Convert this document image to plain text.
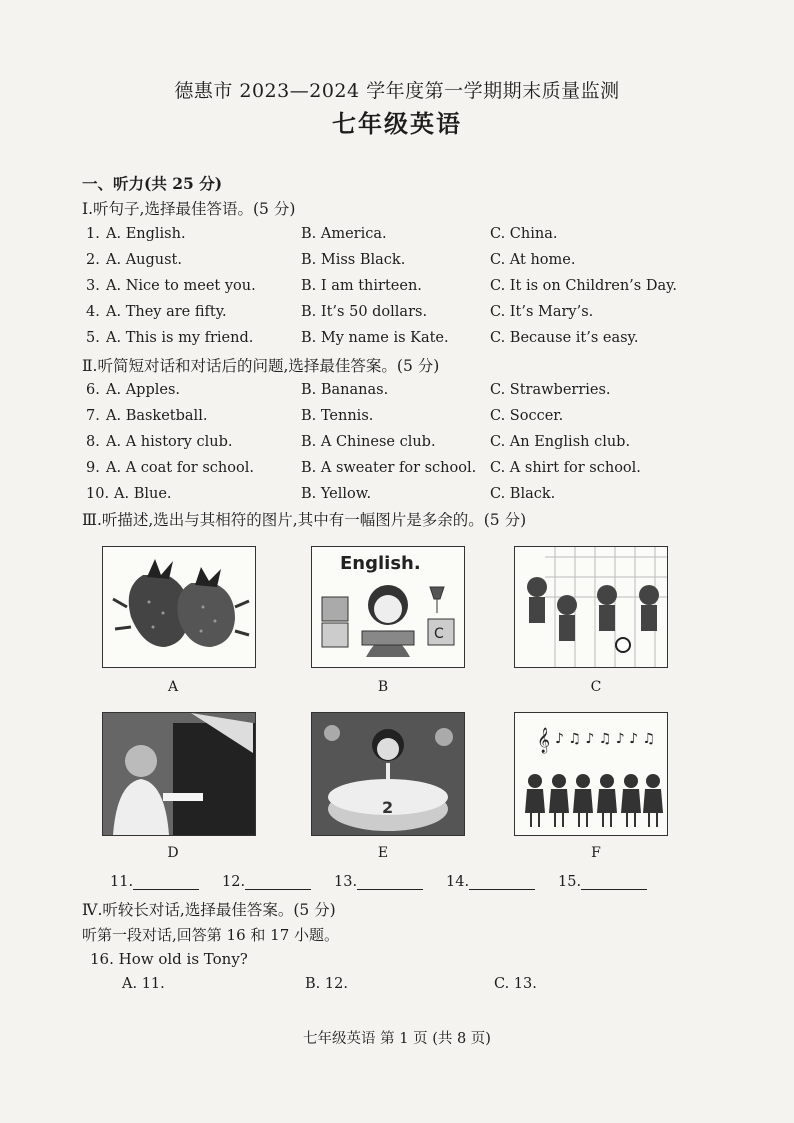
德惠市 2023—2024 学年度第一学期期末质量监测
七年级英语
一、听力(共 25 分)
Ⅰ.听句子,选择最佳答语。(5 分)
1. A. English.	B. America.	C. China.
2. A. August.	B. Miss Black.	C. At home.
3. A. Nice to meet you.	B. I am thirteen.	C. It is on Children’s Day.
4. A. They are fifty.	B. It’s 50 dollars.	C. It’s Mary’s.
5. A. This is my friend.	B. My name is Kate.	C. Because it’s easy.
Ⅱ.听简短对话和对话后的问题,选择最佳答案。(5 分)
6. A. Apples.	B. Bananas.	C. Strawberries.
7. A. Basketball.	B. Tennis.	C. Soccer.
8. A. A history club.	B. A Chinese club.	C. An English club.
9. A. A coat for school.	B. A sweater for school. C. A shirt for school.
10. A. Blue.	B. Yellow.	C. Black.
Ⅲ.听描述,选出与其相符的图片,其中有一幅图片是多余的。(5 分)
English.
C
A	B	C
2
𝄞 ♪ ♫ ♪ ♫ ♪ ♪ ♫
D	E	F
11.	12.	13.	14.	15.
Ⅳ.听较长对话,选择最佳答案。(5 分)
听第一段对话,回答第 16 和 17 小题。
16. How old is Tony?
A. 11.	B. 12.	C. 13.
七年级英语 第 1 页 (共 8 页)
